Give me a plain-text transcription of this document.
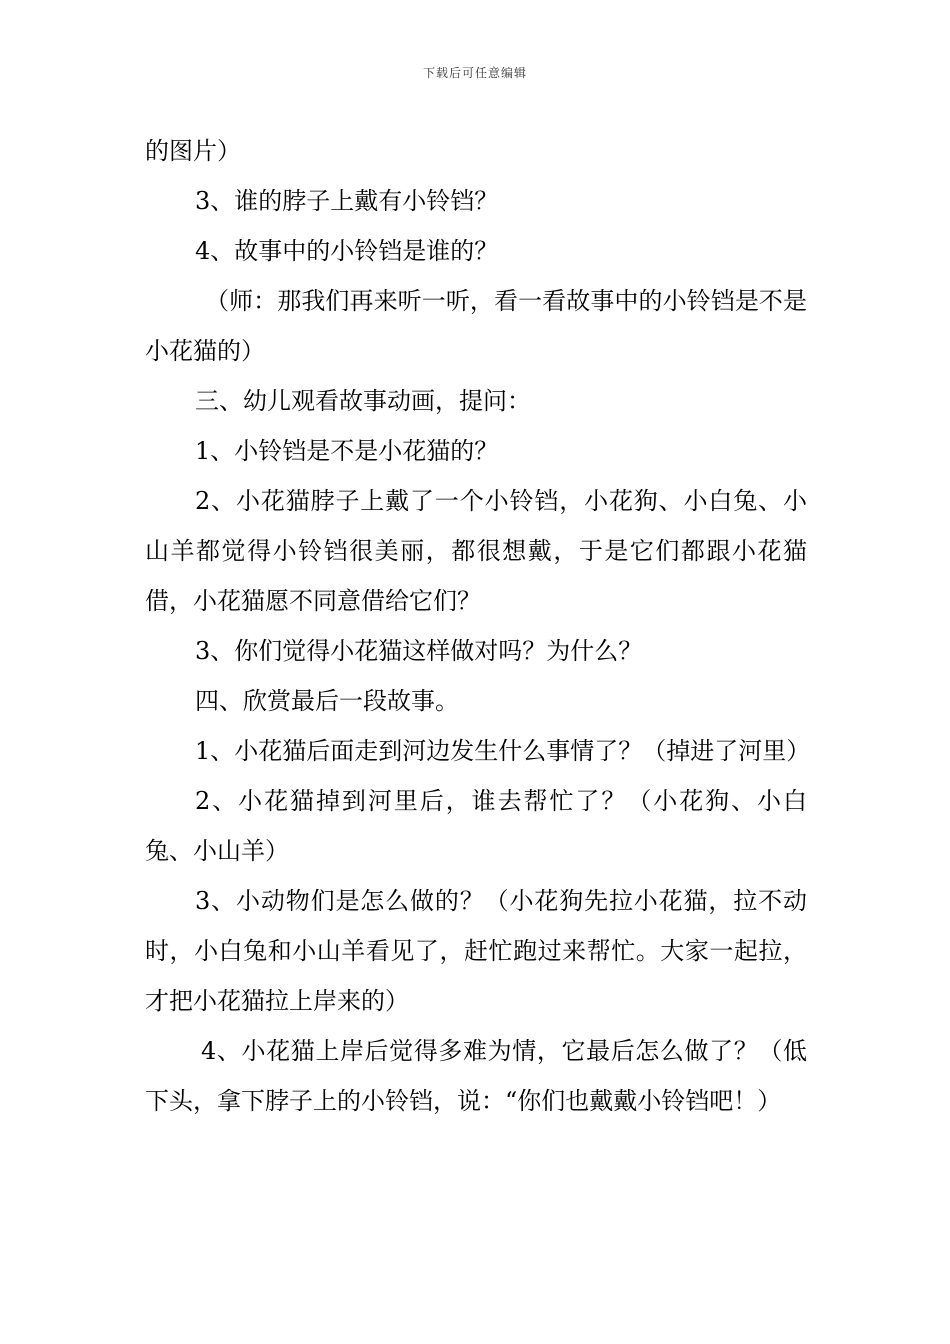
下载后可任意编辑

的图片）

3、谁的脖子上戴有小铃铛？

4、故事中的小铃铛是谁的？

（师：那我们再来听一听，看一看故事中的小铃铛是不是小花猫的）

三、幼儿观看故事动画，提问：

1、小铃铛是不是小花猫的？

2、小花猫脖子上戴了一个小铃铛，小花狗、小白兔、小山羊都觉得小铃铛很美丽，都很想戴，于是它们都跟小花猫借，小花猫愿不同意借给它们？

3、你们觉得小花猫这样做对吗？为什么？

四、欣赏最后一段故事。

1、小花猫后面走到河边发生什么事情了？（掉进了河里）

2、小花猫掉到河里后，谁去帮忙了？（小花狗、小白兔、小山羊）

3、小动物们是怎么做的？（小花狗先拉小花猫，拉不动时，小白兔和小山羊看见了，赶忙跑过来帮忙。大家一起拉，才把小花猫拉上岸来的）

4、小花猫上岸后觉得多难为情，它最后怎么做了？（低下头，拿下脖子上的小铃铛，说：“你们也戴戴小铃铛吧！）
